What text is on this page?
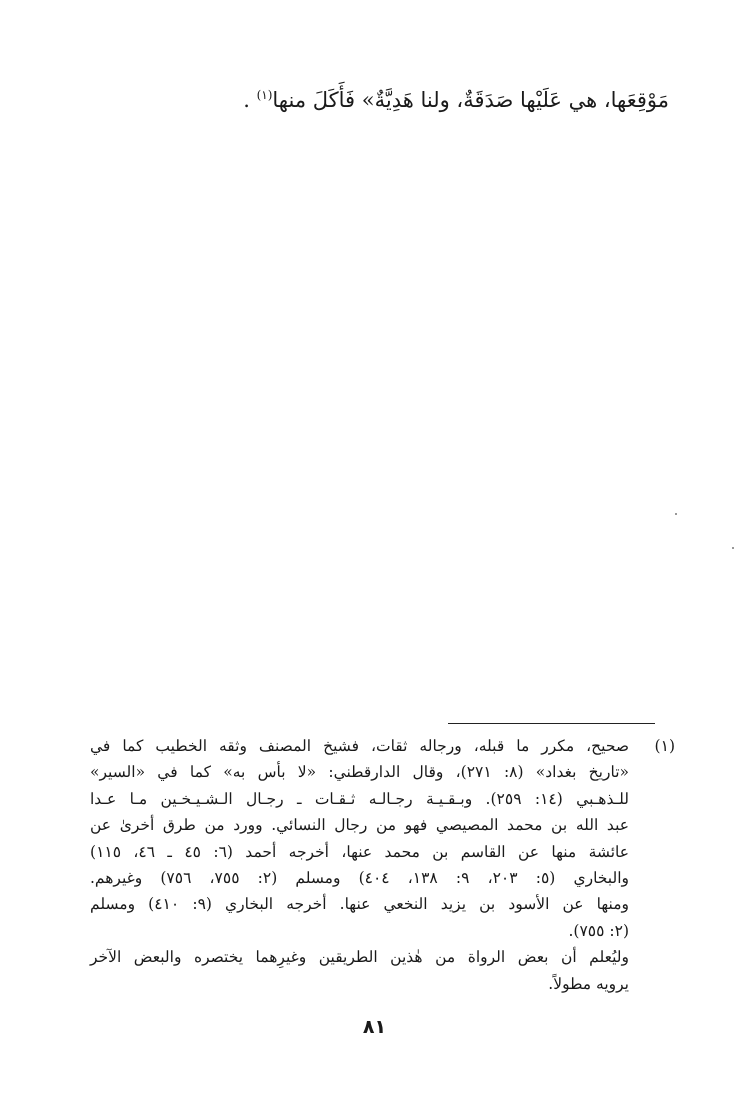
مَوْقِعَها، هي عَلَيْها صَدَقَةٌ، ولنا هَدِيَّةٌ» فَأَكَلَ منها$^{(١)}$ .
(١)
صحيح، مكرر ما قبله، ورجاله ثقات، فشيخ المصنف وثقه الخطيب كما في
«تاريخ بغداد» (٨: ٢٧١)، وقال الدارقطني: «لا بأس به» كما في «السير»
للـذهـبي (١٤: ٢٥٩). وبـقـيـة رجـالـه ثـقـات ـ رجـال الـشـيـخـين مـا عـدا
عبد الله بن محمد المصيصي فهو من رجال النسائي. وورد من طرق أخرىٰ عن
عائشة منها عن القاسم بن محمد عنها، أخرجه أحمد (٦: ٤٥ ـ ٤٦، ١١٥)
والبخاري (٥: ٢٠٣، ٩: ١٣٨، ٤٠٤) ومسلم (٢: ٧٥٥، ٧٥٦) وغيرهم.
ومنها عن الأسود بن يزيد النخعي عنها. أخرجه البخاري (٩: ٤١٠) ومسلم
(٢: ٧٥٥).
وليُعلم أن بعض الرواة من هٰذين الطريقين وغيرِهما يختصره والبعض الآخر
يرويه مطولاً.
٨١
